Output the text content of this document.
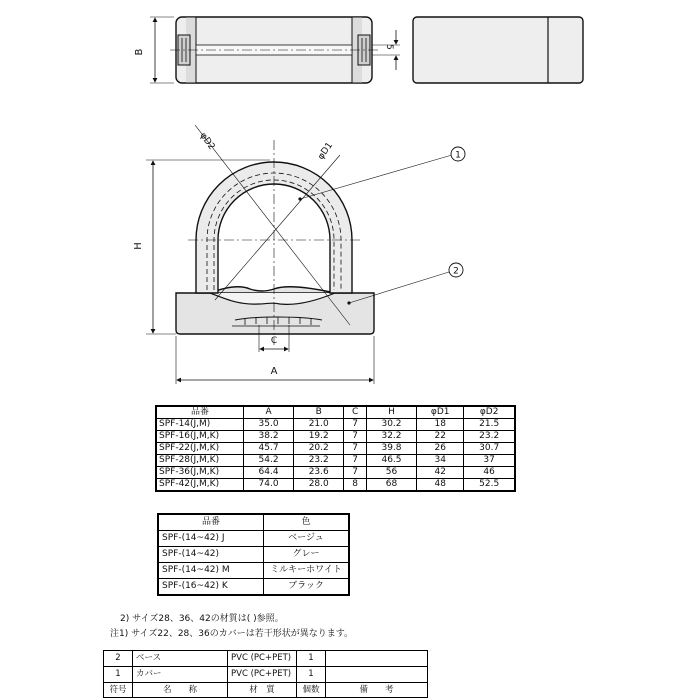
B
5
φD2	φD1	1
2
H
C
A
品番	A	B	C	H	φD1	φD2
SPF-14(J,M)	35.0	21.0	7	30.2	18	21.5
SPF-16(J,M,K)	38.2	19.2	7	32.2	22	23.2
SPF-22(J,M,K)	45.7	20.2	7	39.8	26	30.7
SPF-28(J,M,K)	54.2	23.2	7	46.5	34	37
SPF-36(J,M,K)	64.4	23.6	7	56	42	46
SPF-42(J,M,K)	74.0	28.0	8	68	48	52.5
品番	色
SPF-(14~42) J	ベージュ
SPF-(14~42)	グレー
SPF-(14~42) M	ミルキーホワイト
SPF-(16~42) K	ブラック
2) サイズ28、36、42の材質は( )参照。
注1) サイズ22、28、36のカバーは若干形状が異なります。
2	ベース	PVC (PC+PET)	1	
1	カバー	PVC (PC+PET)	1	
符号	名　　称	材　質	個数	備　　考
